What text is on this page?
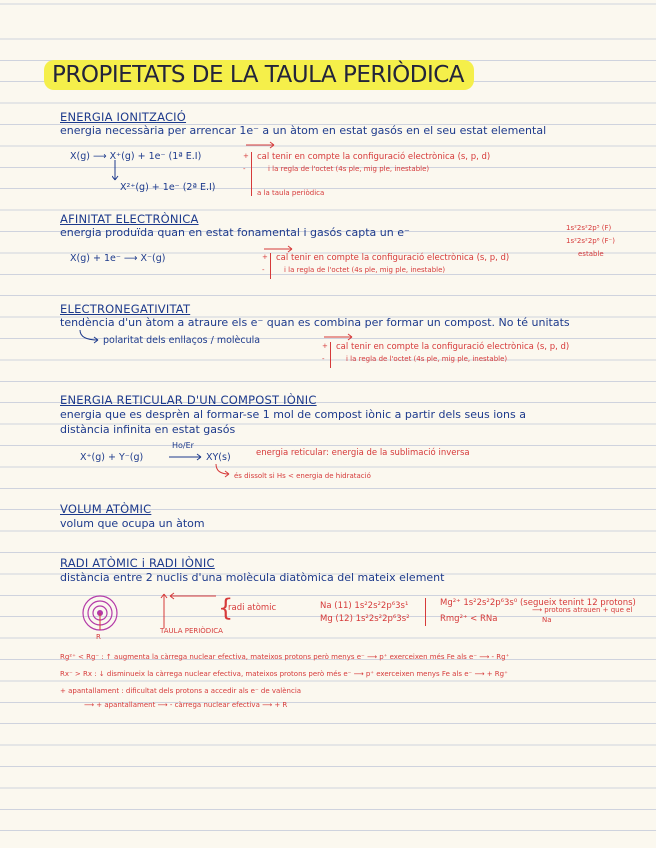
PROPIETATS DE LA TAULA PERIÒDICA
ENERGIA IONITZACIÓ
energia necessària per arrencar 1e⁻ a un àtom en estat gasós en el seu estat elemental
X(g) ⟶ X⁺(g) + 1e⁻ (1ª E.I)
X²⁺(g) + 1e⁻ (2ª E.I)
+
-
cal tenir en compte la configuració electrònica (s, p, d)
i la regla de l'octet (4s ple, mig ple, inestable)
a la taula periòdica
AFINITAT ELECTRÒNICA
energia produïda quan en estat fonamental i gasós capta un e⁻
X(g) + 1e⁻ ⟶ X⁻(g)	+
-
cal tenir en compte la configuració electrònica (s, p, d)
i la regla de l'octet (4s ple, mig ple, inestable)
1s²2s²2p⁵ (F)
1s²2s²2p⁶ (F⁻)
estable
ELECTRONEGATIVITAT
tendència d'un àtom a atraure els e⁻ quan es combina per formar un compost. No té unitats
polaritat dels enllaços / molècula	+
-
cal tenir en compte la configuració electrònica (s, p, d)
i la regla de l'octet (4s ple, mig ple, inestable)
ENERGIA RETICULAR D'UN COMPOST IÒNIC
energia que es desprèn al formar-se 1 mol de compost iònic a partir dels seus ions a
distància infinita en estat gasós
X⁺(g) + Y⁻(g)
Ho/Er
XY(s)	energia reticular: energia de la sublimació inversa
és dissolt si Hs < energia de hidratació
VOLUM ATÒMIC
volum que ocupa un àtom
RADI ATÒMIC i RADI IÒNIC
distància entre 2 nuclis d'una molècula diatòmica del mateix element
R
{
radi atòmic
TAULA PERIÒDICA
Na (11) 1s²2s²2p⁶3s¹
Mg (12) 1s²2s²2p⁶3s²
Mg²⁺ 1s²2s²2p⁶3s⁰ (segueix tenint 12 protons)
Rmg²⁺ < RNa
⟶ protons atrauen + que el
Na
Rg²⁺ < Rg⁻ : ↑ augmenta la càrrega nuclear efectiva, mateixos protons però menys e⁻ ⟶ p⁺ exerceixen més Fe als e⁻ ⟶ - Rg⁺
Rx⁻ > Rx : ↓ disminueix la càrrega nuclear efectiva, mateixos protons però més e⁻ ⟶ p⁺ exerceixen menys Fe als e⁻ ⟶ + Rg⁺
+ apantallament : dificultat dels protons a accedir als e⁻ de valència
⟶ + apantallament ⟶ - càrrega nuclear efectiva ⟶ + R
